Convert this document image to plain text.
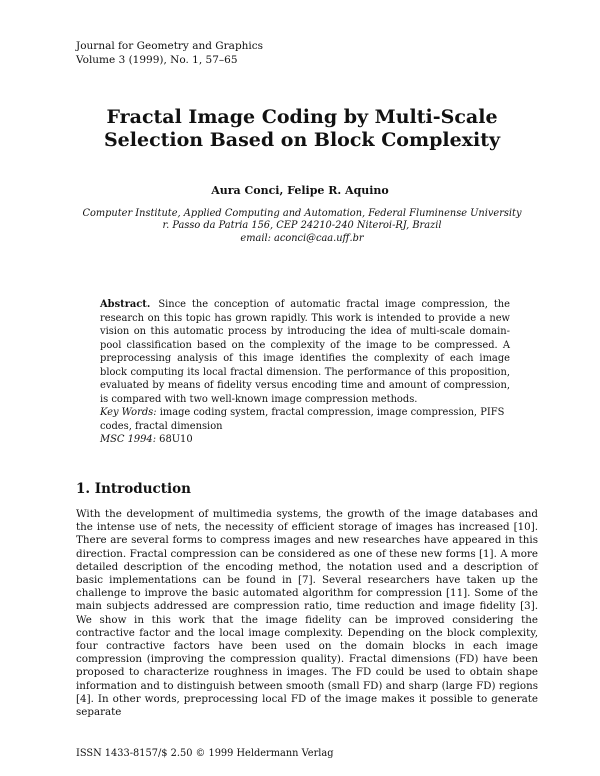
Journal for Geometry and Graphics
Volume 3 (1999), No. 1, 57–65
Fractal Image Coding by Multi-Scale
Selection Based on Block Complexity
Aura Conci, Felipe R. Aquino
Computer Institute, Applied Computing and Automation, Federal Fluminense University
r. Passo da Patria 156, CEP 24210-240 Niteroi-RJ, Brazil
email: aconci@caa.uff.br

Abstract. Since the conception of automatic fractal image compression, the research on this topic has grown rapidly. This work is intended to provide a new vision on this automatic process by introducing the idea of multi-scale domain-pool classification based on the complexity of the image to be compressed. A preprocessing analysis of this image identifies the complexity of each image block computing its local fractal dimension. The performance of this proposition, evaluated by means of fidelity versus encoding time and amount of compression, is compared with two well-known image compression methods.

Key Words: image coding system, fractal compression, image compression, PIFS codes, fractal dimension

MSC 1994: 68U10

1. Introduction
With the development of multimedia systems, the growth of the image databases and the intense use of nets, the necessity of efficient storage of images has increased [10]. There are several forms to compress images and new researches have appeared in this direction. Fractal compression can be considered as one of these new forms [1]. A more detailed description of the encoding method, the notation used and a description of basic implementations can be found in [7]. Several researchers have taken up the challenge to improve the basic automated algorithm for compression [11]. Some of the main subjects addressed are compression ratio, time reduction and image fidelity [3]. We show in this work that the image fidelity can be improved considering the contractive factor and the local image complexity. Depending on the block complexity, four contractive factors have been used on the domain blocks in each image compression (improving the compression quality). Fractal dimensions (FD) have been proposed to characterize roughness in images. The FD could be used to obtain shape information and to distinguish between smooth (small FD) and sharp (large FD) regions [4]. In other words, preprocessing local FD of the image makes it possible to generate separate
ISSN 1433-8157/$ 2.50 © 1999 Heldermann Verlag
